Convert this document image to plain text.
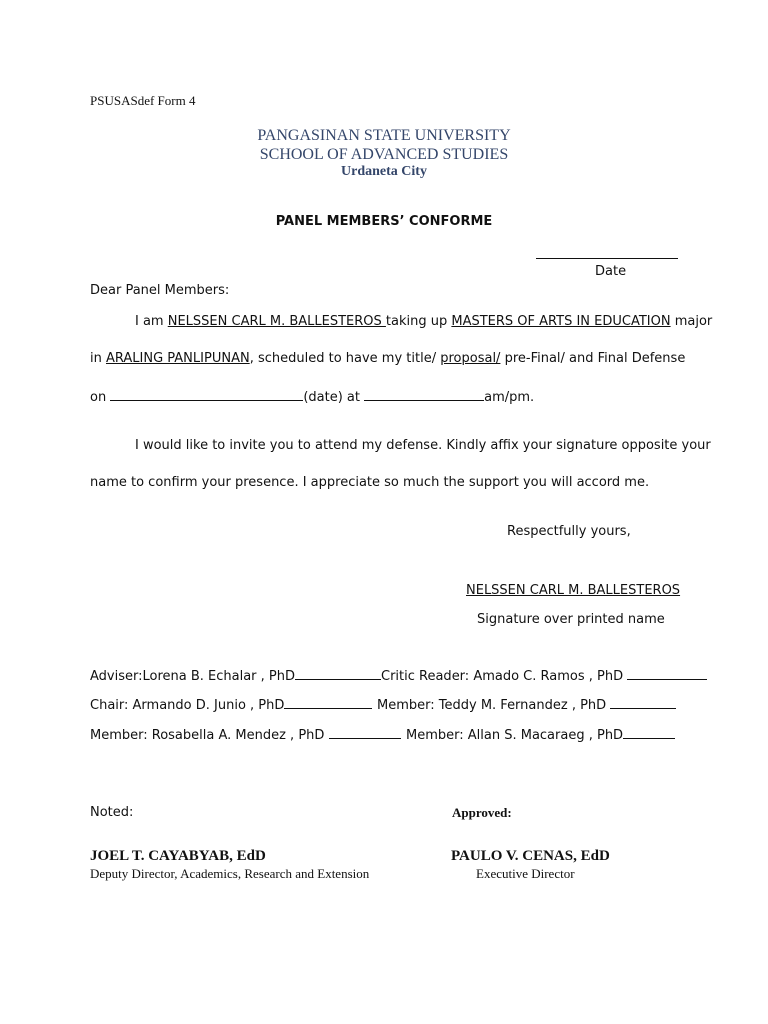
PSUSASdef Form 4
PANGASINAN STATE UNIVERSITY
SCHOOL OF ADVANCED STUDIES
Urdaneta City
PANEL MEMBERS’ CONFORME
Date
Dear Panel Members:
I am NELSSEN CARL M. BALLESTEROS taking up MASTERS OF ARTS IN EDUCATION major
in ARALING PANLIPUNAN, scheduled to have my title/ proposal/ pre-Final/ and Final Defense
on	(date) at	am/pm.
I would like to invite you to attend my defense. Kindly affix your signature opposite your
name to confirm your presence. I appreciate so much the support you will accord me.
Respectfully yours,
NELSSEN CARL M. BALLESTEROS
Signature over printed name
Adviser:Lorena B. Echalar , PhD	Critic Reader: Amado C. Ramos , PhD
Chair: Armando D. Junio , PhD	Member: Teddy M. Fernandez , PhD
Member: Rosabella A. Mendez , PhD	Member: Allan S. Macaraeg , PhD
Noted:	Approved:
JOEL T. CAYABYAB, EdD
Deputy Director, Academics, Research and Extension
PAULO V. CENAS, EdD
Executive Director
